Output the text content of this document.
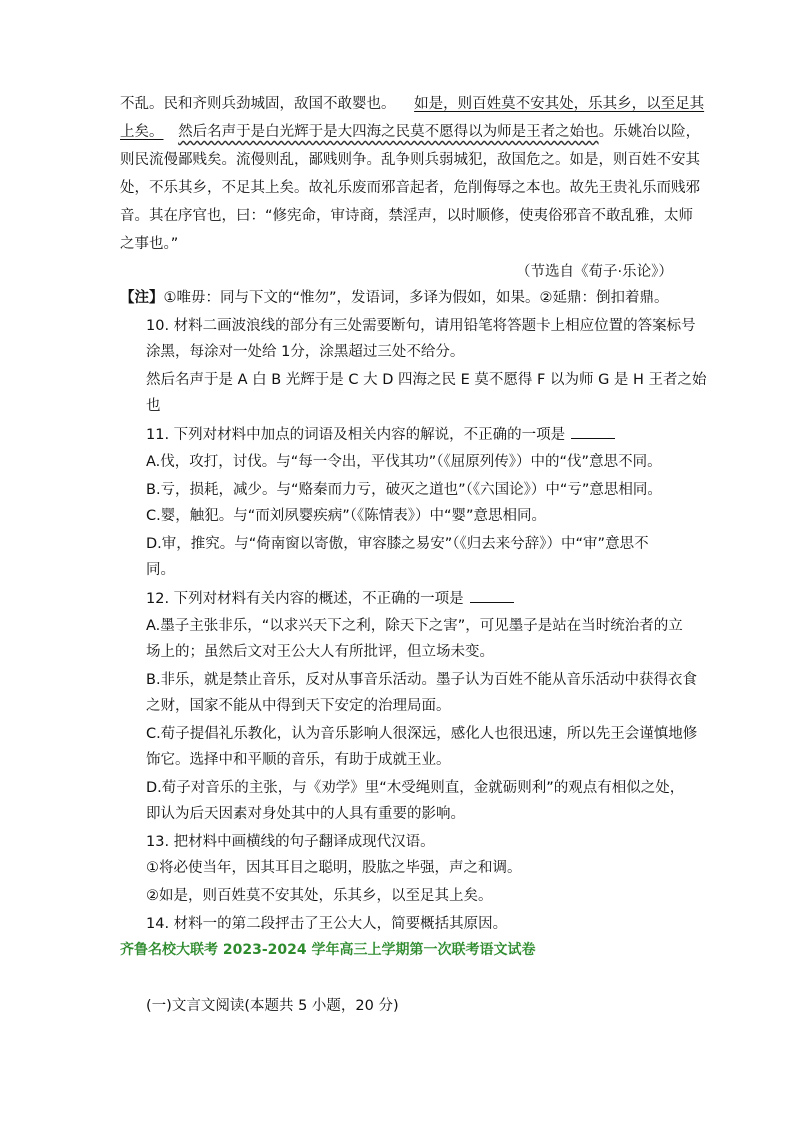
不乱。民和齐则兵劲城固，敌国不敢婴也。 如是，则百姓莫不安其处，乐其乡，以至足其
上矣。 然后名声于是白光辉于是大四海之民莫不愿得以为师是王者之始也。乐姚冶以险，
则民流僈鄙贱矣。流僈则乱，鄙贱则争。乱争则兵弱城犯，敌国危之。如是，则百姓不安其
处，不乐其乡，不足其上矣。故礼乐废而邪音起者，危削侮辱之本也。故先王贵礼乐而贱邪
音。其在序官也，曰：“修宪命，审诗商，禁淫声，以时顺修，使夷俗邪音不敢乱雅，太师
之事也。”
（节选自《荀子·乐论》）
【注】①唯毋：同与下文的“惟勿”，发语词，多译为假如，如果。②延鼎：倒扣着鼎。
10. 材料二画波浪线的部分有三处需要断句，请用铅笔将答题卡上相应位置的答案标号
涂黑，每涂对一处给 1分，涂黑超过三处不给分。
然后名声于是 A 白 B 光辉于是 C 大 D 四海之民 E 莫不愿得 F 以为师 G 是 H 王者之始
也
11. 下列对材料中加点的词语及相关内容的解说，不正确的一项是
A.伐，攻打，讨伐。与“每一令出，平伐其功”（《屈原列传》）中的“伐”意思不同。
B.亏，损耗，减少。与“赂秦而力亏，破灭之道也”（《六国论》）中“亏”意思相同。
C.婴，触犯。与“而刘夙婴疾病”（《陈情表》）中“婴”意思相同。
D.审，推究。与“倚南窗以寄傲，审容膝之易安”（《归去来兮辞》）中“审”意思不
同。
12. 下列对材料有关内容的概述，不正确的一项是
A.墨子主张非乐，“以求兴天下之利，除天下之害”，可见墨子是站在当时统治者的立
场上的；虽然后文对王公大人有所批评，但立场未变。
B.非乐，就是禁止音乐，反对从事音乐活动。墨子认为百姓不能从音乐活动中获得衣食
之财，国家不能从中得到天下安定的治理局面。
C.荀子提倡礼乐教化，认为音乐影响人很深远，感化人也很迅速，所以先王会谨慎地修
饰它。选择中和平顺的音乐，有助于成就王业。
D.荀子对音乐的主张，与《劝学》里“木受绳则直，金就砺则利”的观点有相似之处，
即认为后天因素对身处其中的人具有重要的影响。
13. 把材料中画横线的句子翻译成现代汉语。
①将必使当年，因其耳目之聪明，股肱之毕强，声之和调。
②如是，则百姓莫不安其处，乐其乡，以至足其上矣。
14. 材料一的第二段抨击了王公大人，简要概括其原因。
齐鲁名校大联考 2023-2024 学年高三上学期第一次联考语文试卷
(一)文言文阅读(本题共 5 小题，20 分)
